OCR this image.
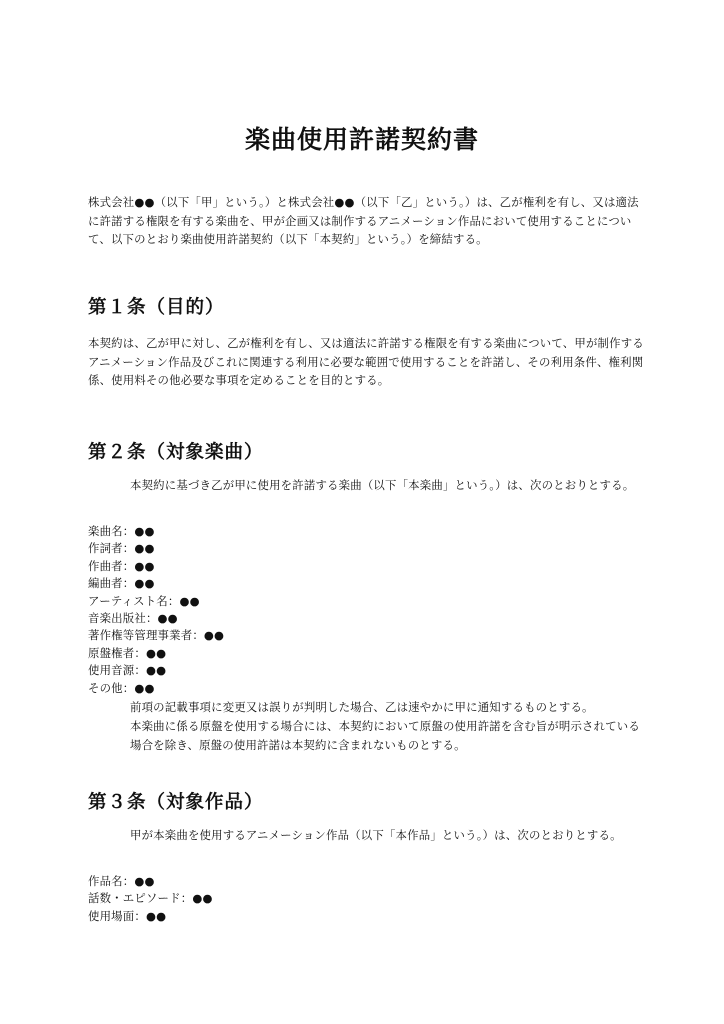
楽曲使用許諾契約書

株式会社●●（以下「甲」という。）と株式会社●●（以下「乙」という。）は、乙が権利を有し、又は適法に許諾する権限を有する楽曲を、甲が企画又は制作するアニメーション作品において使用することについて、以下のとおり楽曲使用許諾契約（以下「本契約」という。）を締結する。

第１条（目的）

本契約は、乙が甲に対し、乙が権利を有し、又は適法に許諾する権限を有する楽曲について、甲が制作するアニメーション作品及びこれに関連する利用に必要な範囲で使用することを許諾し、その利用条件、権利関係、使用料その他必要な事項を定めることを目的とする。

第２条（対象楽曲）

本契約に基づき乙が甲に使用を許諾する楽曲（以下「本楽曲」という。）は、次のとおりとする。

楽曲名：●●
作詞者：●●
作曲者：●●
編曲者：●●
アーティスト名：●●
音楽出版社：●●
著作権等管理事業者：●●
原盤権者：●●
使用音源：●●
その他：●●

前項の記載事項に変更又は誤りが判明した場合、乙は速やかに甲に通知するものとする。

本楽曲に係る原盤を使用する場合には、本契約において原盤の使用許諾を含む旨が明示されている場合を除き、原盤の使用許諾は本契約に含まれないものとする。

第３条（対象作品）

甲が本楽曲を使用するアニメーション作品（以下「本作品」という。）は、次のとおりとする。

作品名：●●
話数・エピソード：●●
使用場面：●●
